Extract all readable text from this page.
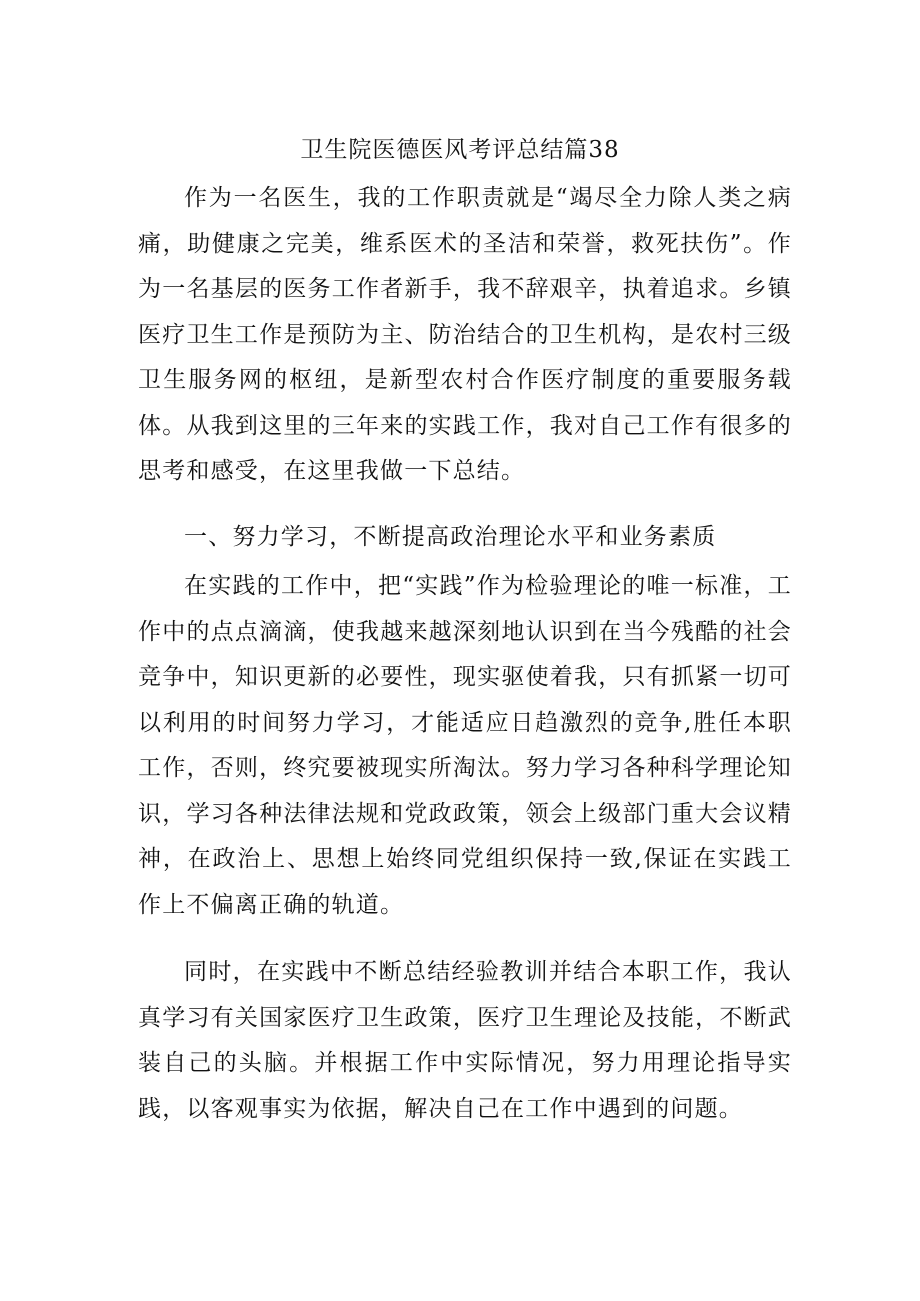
卫生院医德医风考评总结篇38

作为一名医生，我的工作职责就是“竭尽全力除人类之病痛，助健康之完美，维系医术的圣洁和荣誉，救死扶伤”。作为一名基层的医务工作者新手，我不辞艰辛，执着追求。乡镇医疗卫生工作是预防为主、防治结合的卫生机构，是农村三级卫生服务网的枢纽，是新型农村合作医疗制度的重要服务载体。从我到这里的三年来的实践工作，我对自己工作有很多的思考和感受，在这里我做一下总结。

一、努力学习，不断提高政治理论水平和业务素质

在实践的工作中，把“实践”作为检验理论的唯一标准，工作中的点点滴滴，使我越来越深刻地认识到在当今残酷的社会竞争中，知识更新的必要性，现实驱使着我，只有抓紧一切可以利用的时间努力学习，才能适应日趋激烈的竞争,胜任本职工作，否则，终究要被现实所淘汰。努力学习各种科学理论知识，学习各种法律法规和党政政策，领会上级部门重大会议精神，在政治上、思想上始终同党组织保持一致,保证在实践工作上不偏离正确的轨道。

同时，在实践中不断总结经验教训并结合本职工作，我认真学习有关国家医疗卫生政策，医疗卫生理论及技能，不断武装自己的头脑。并根据工作中实际情况，努力用理论指导实践，以客观事实为依据，解决自己在工作中遇到的问题。
